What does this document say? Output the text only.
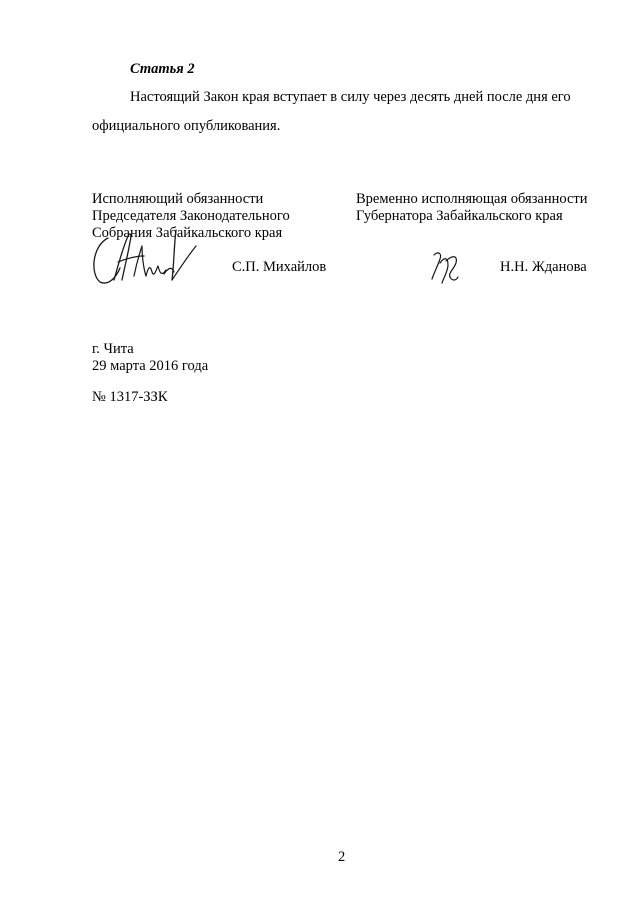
Статья 2
Настоящий Закон края вступает в силу через десять дней после дня его
официального опубликования.
Исполняющий обязанности
Председателя Законодательного
Собрания Забайкальского края
Временно исполняющая обязанности
Губернатора Забайкальского края
С.П. Михайлов	Н.Н. Жданова
г. Чита
29 марта 2016 года
№ 1317-ЗЗК
2
